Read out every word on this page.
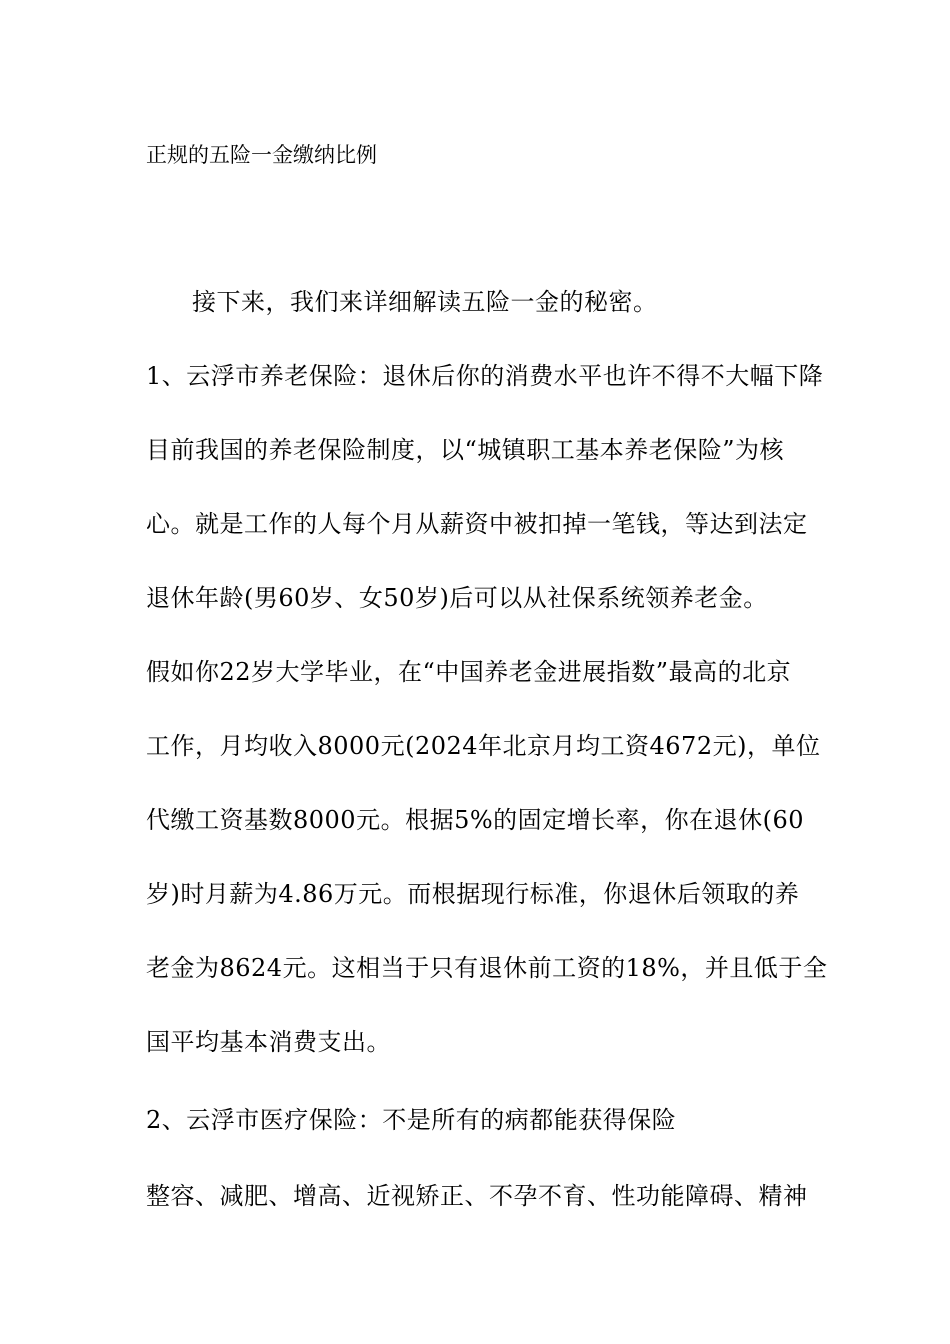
正规的五险一金缴纳比例
接下来，我们来详细解读五险一金的秘密。
1、云浮市养老保险：退休后你的消费水平也许不得不大幅下降
目前我国的养老保险制度，以“城镇职工基本养老保险”为核
心。就是工作的人每个月从薪资中被扣掉一笔钱，等达到法定
退休年龄(男60岁、女50岁)后可以从社保系统领养老金。
假如你22岁大学毕业，在“中国养老金进展指数”最高的北京
工作，月均收入8000元(2024年北京月均工资4672元)，单位
代缴工资基数8000元。根据5%的固定增长率，你在退休(60
岁)时月薪为4.86万元。而根据现行标准，你退休后领取的养
老金为8624元。这相当于只有退休前工资的18%，并且低于全
国平均基本消费支出。
2、云浮市医疗保险：不是所有的病都能获得保险
整容、减肥、增高、近视矫正、不孕不育、性功能障碍、精神
